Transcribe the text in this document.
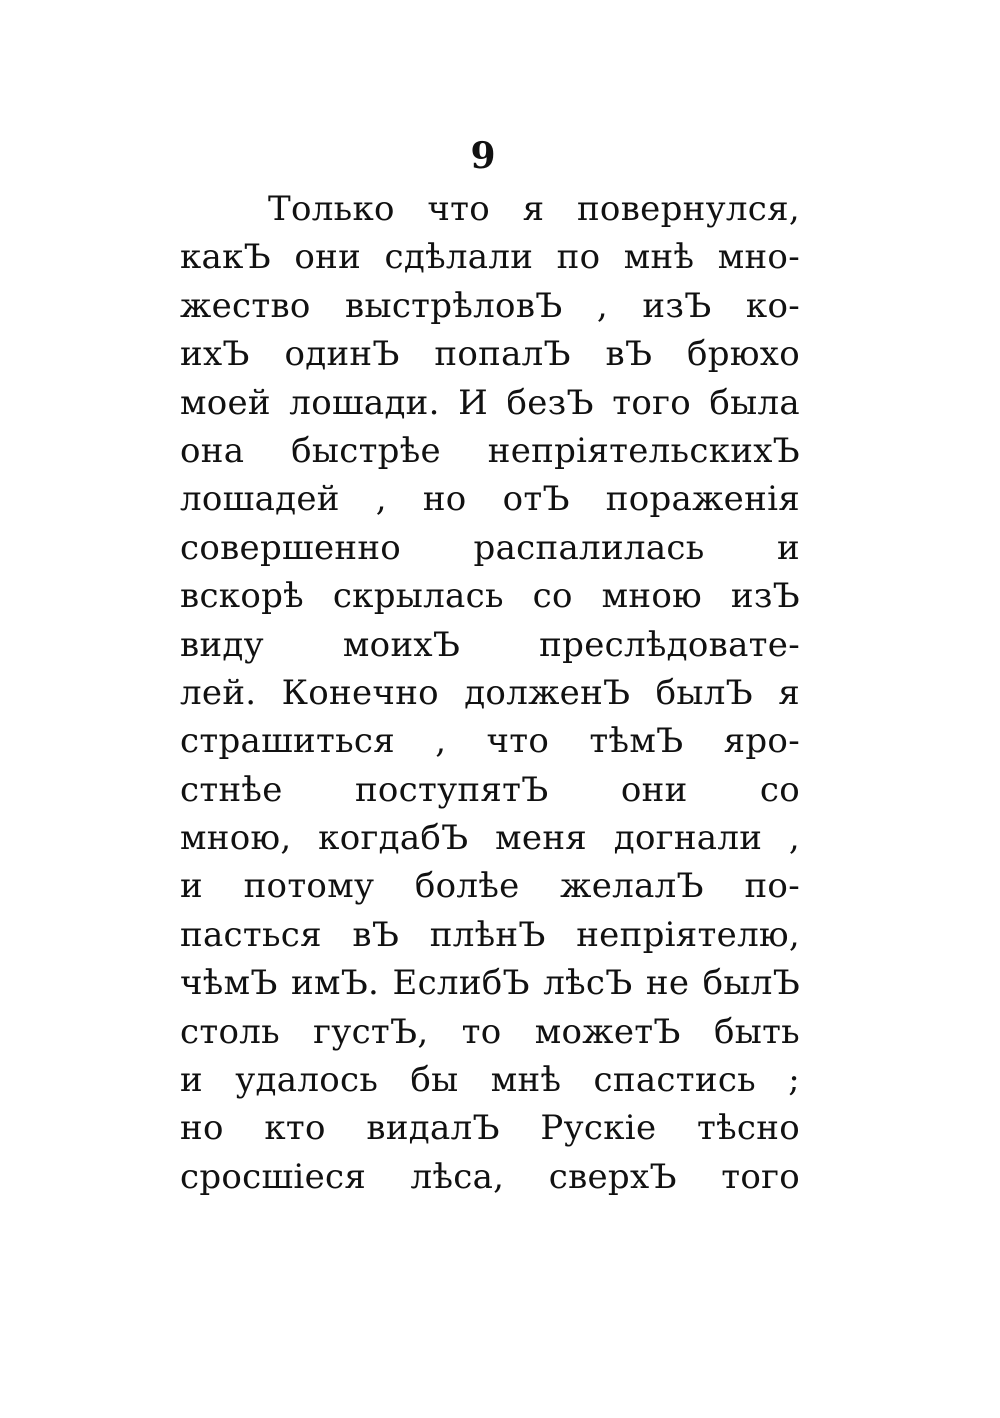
9
Только что я повернулся,
какЪ они сдѣлали по мнѣ мно-
жество выстрѣловЪ , изЪ ко-
ихЪ одинЪ попалЪ вЪ брюхо
моей лошади. И безЪ того была
она быстрѣе непріятельскихЪ
лошадей , но отЪ пораженія
совершенно распалилась и
вскорѣ скрылась со мною изЪ
виду моихЪ преслѣдовате-
лей. Конечно долженЪ былЪ я
страшиться , что тѣмЪ яро-
стнѣе поступятЪ они со
мною, когдабЪ меня догнали ,
и потому болѣе желалЪ по-
пасться вЪ плѣнЪ непріятелю,
чѣмЪ имЪ. ЕслибЪ лѣсЪ не былЪ
столь густЪ, то можетЪ быть
и удалось бы мнѣ спастись ;
но кто видалЪ Рускіе тѣсно
сросшіеся лѣса, сверхЪ того
